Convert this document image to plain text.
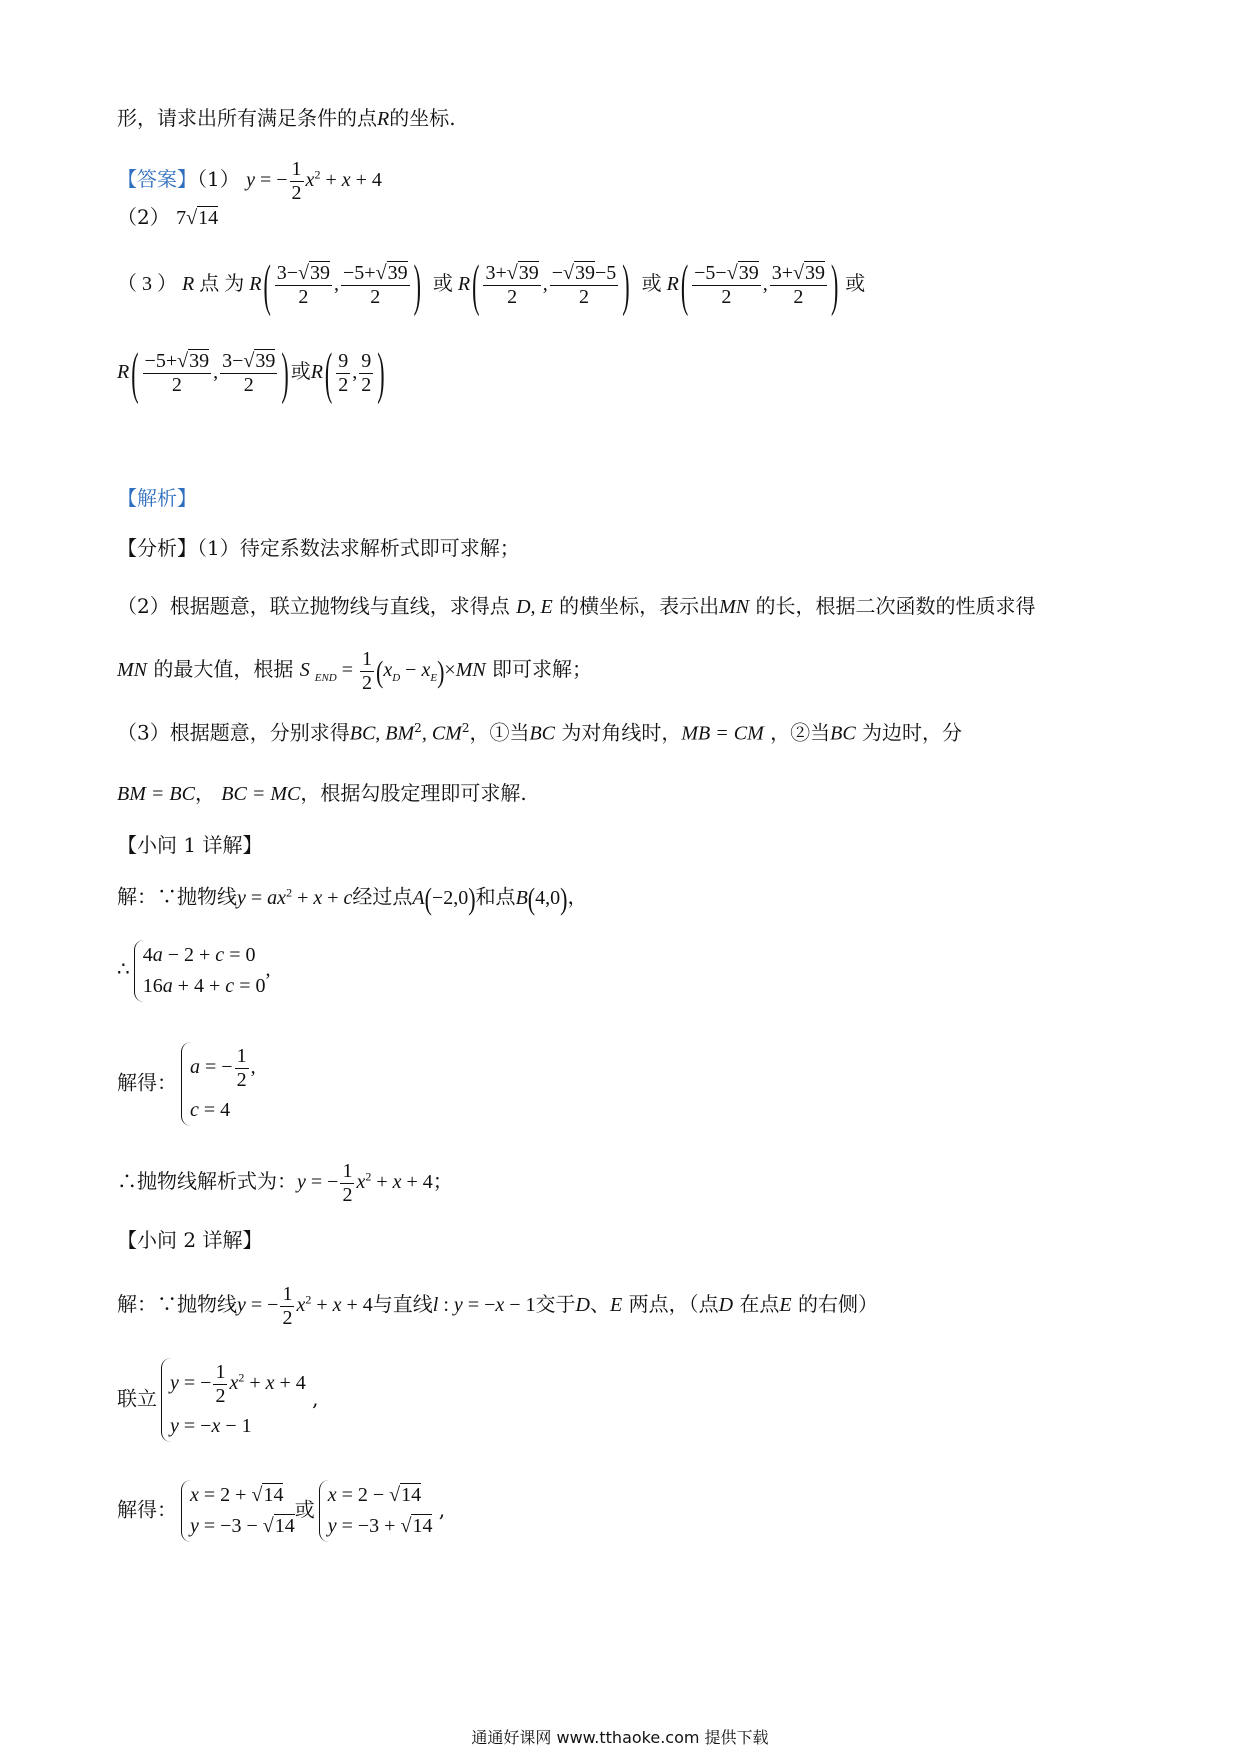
形，请求出所有满足条件的点R的坐标.
【答案】（1） y = − $\frac{1}{2} x^2 + x + 4$
（2） 7√14
（ 3 ） R 点 为 $R( \frac{3-√39}{2}$ , $\frac{-5+√39}{2}$ ) 或 $R( \frac{3+√39}{2}$ , $\frac{-√39-5}{2}$ ) 或 $R( \frac{-5-√39}{2}$ , $\frac{3+√39}{2}$ ) 或
$R( \frac{-5+√39}{2}$ , $\frac{3-√39}{2}$ ) 或$R( \frac{9}{2}$ , $\frac{9}{2}$ )
【解析】
【分析】（1）待定系数法求解析式即可求解；
（2）根据题意，联立抛物线与直线，求得点 D, E 的横坐标，表示出MN 的长，根据二次函数的性质求得
MN 的最大值，根据 S $_{END} = \frac{1}{2} (x_D - x_E)\times MN$ 即可求解；
（3）根据题意，分别求得BC, $BM^2$, $CM^2$，①当BC 为对角线时，MB = CM ，②当BC 为边时，分
BM = BC， BC = MC，根据勾股定理即可求解.
【小问 1 详解】
解：∵抛物线$y = ax^2 + x + c$经过点A(−2,0)和点B(4,0)，
∴
4a − 2 + c = 0
16a + 4 + c = 0
,
解得：
a = − $\frac{1}{2}$ ,
c = 4
∴抛物线解析式为：y = − $\frac{1}{2} x^2 + x + 4$；
【小问 2 详解】
解：∵抛物线y = − $\frac{1}{2} x^2 + x + 4$与直线l : y = −x − 1交于D、E 两点，（点D 在点E 的右侧）
联立
y = − $\frac{1}{2} x^2 + x + 4$
y = −x − 1
,
解得：
x = 2 + √14
y = −3 − √14
或
x = 2 − √14
y = −3 + √14
,
通通好课网 www.tthaoke.com 提供下载
